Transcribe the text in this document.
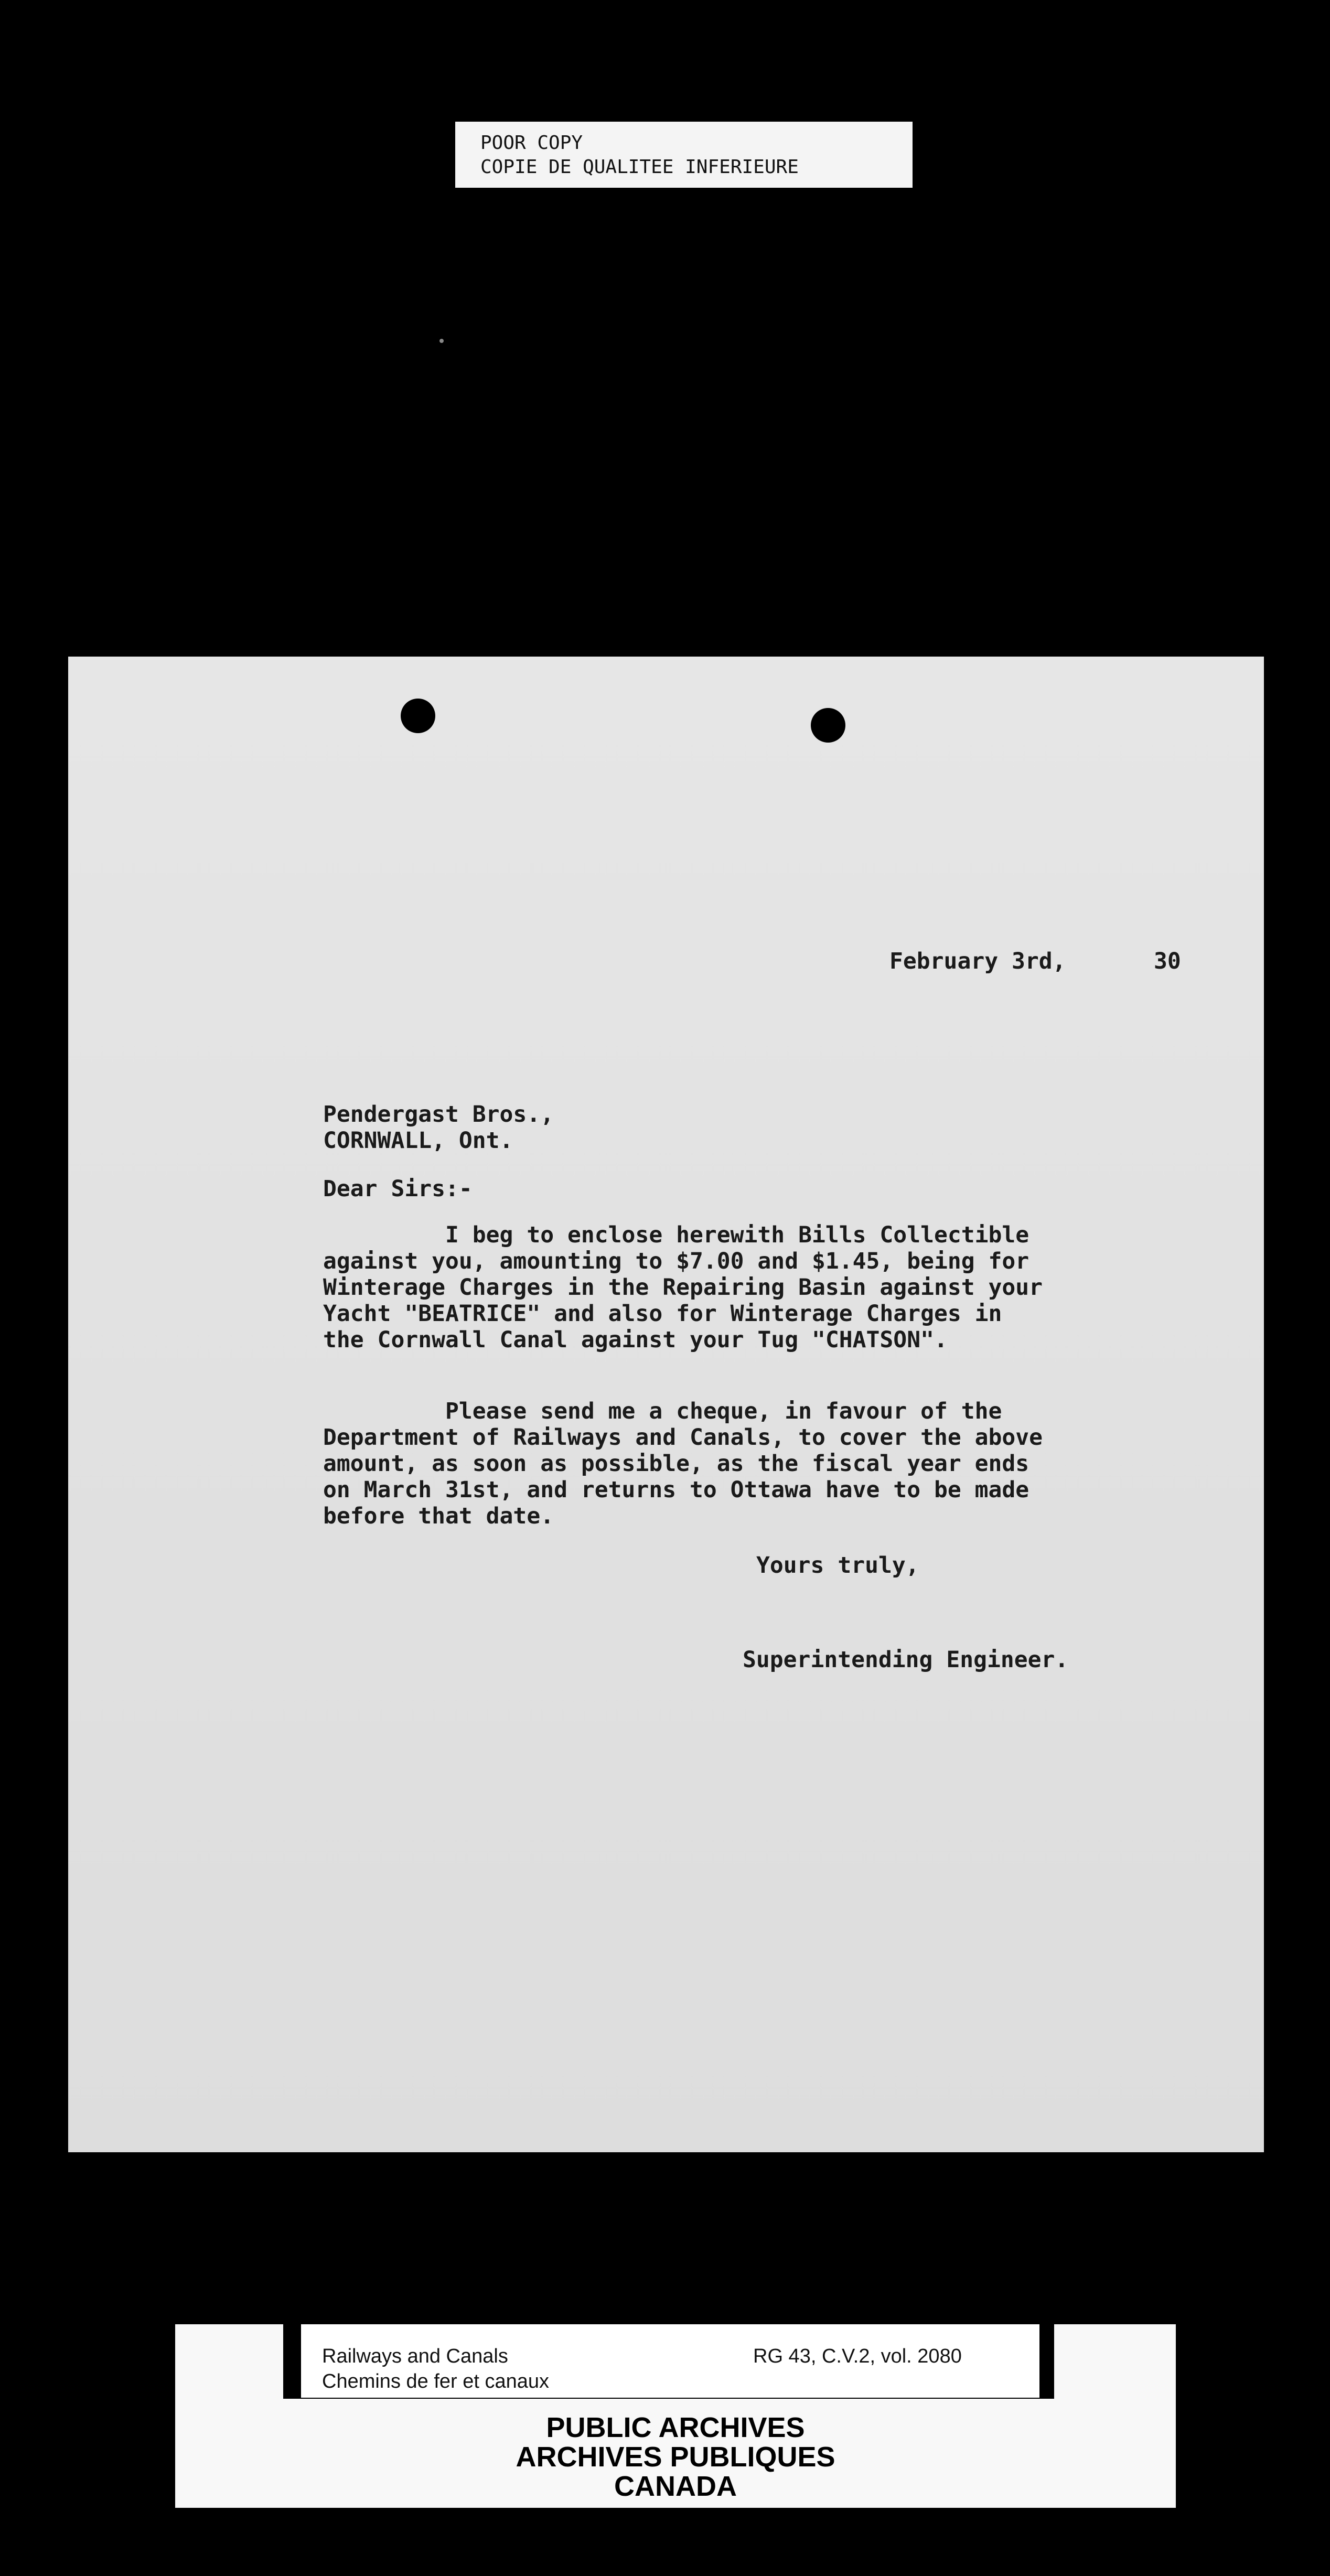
POOR COPY
COPIE DE QUALITEE INFERIEURE
February 3rd,	30
Pendergast Bros.,
CORNWALL, Ont.
Dear Sirs:-
I beg to enclose herewith Bills Collectible
against you, amounting to $7.00 and $1.45, being for
Winterage Charges in the Repairing Basin against your
Yacht "BEATRICE" and also for Winterage Charges in
the Cornwall Canal against your Tug "CHATSON".
Please send me a cheque, in favour of the
Department of Railways and Canals, to cover the above
amount, as soon as possible, as the fiscal year ends
on March 31st, and returns to Ottawa have to be made
before that date.
Yours truly,
Superintending Engineer.
Railways and Canals
Chemins de fer et canaux
RG 43, C.V.2, vol. 2080
PUBLIC ARCHIVES
ARCHIVES PUBLIQUES
CANADA
